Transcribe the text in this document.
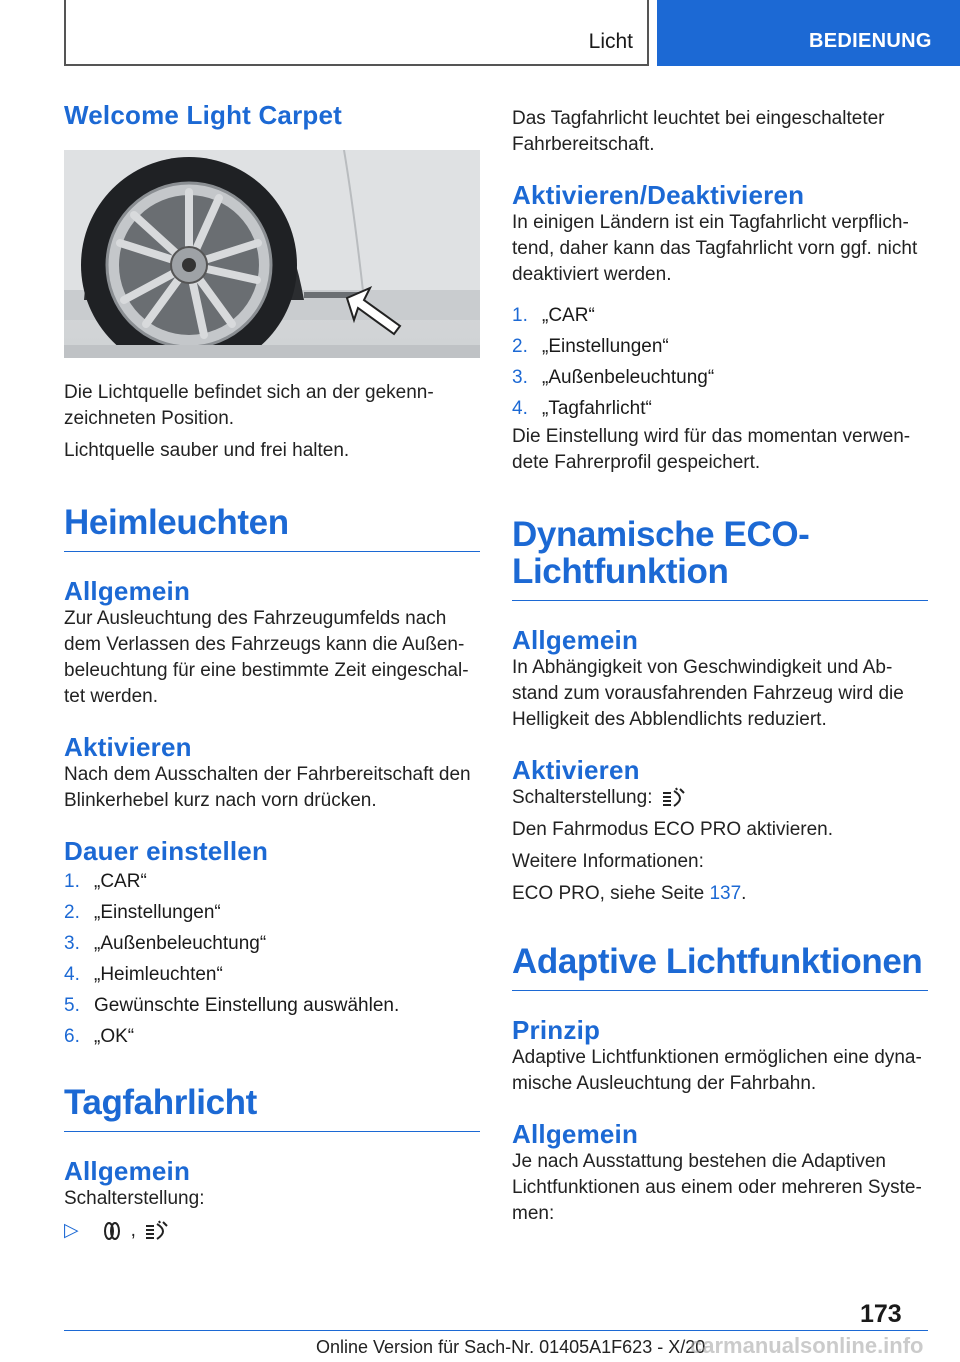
Licht	BEDIENUNG
Welcome Light Carpet

Die Lichtquelle befindet sich an der gekennzeichneten Position.

Lichtquelle sauber und frei halten.

Heimleuchten
Allgemein

Zur Ausleuchtung des Fahrzeugumfelds nach dem Verlassen des Fahrzeugs kann die Außenbeleuchtung für eine bestimmte Zeit eingeschaltet werden.

Aktivieren

Nach dem Ausschalten der Fahrbereitschaft den Blinkerhebel kurz nach vorn drücken.

Dauer einstellen
1. „CAR“
2. „Einstellungen“
3. „Außenbeleuchtung“
4. „Heimleuchten“
5. Gewünschte Einstellung auswählen.
6. „OK“
Tagfahrlicht
Allgemein

Schalterstellung:

▷	,

Das Tagfahrlicht leuchtet bei eingeschalteter Fahrbereitschaft.

Aktivieren/Deaktivieren

In einigen Ländern ist ein Tagfahrlicht verpflichtend, daher kann das Tagfahrlicht vorn ggf. nicht deaktiviert werden.

1. „CAR“
2. „Einstellungen“
3. „Außenbeleuchtung“
4. „Tagfahrlicht“

Die Einstellung wird für das momentan verwendete Fahrerprofil gespeichert.

Dynamische ECO-
Lichtfunktion
Allgemein

In Abhängigkeit von Geschwindigkeit und Abstand zum vorausfahrenden Fahrzeug wird die Helligkeit des Abblendlichts reduziert.

Aktivieren

Schalterstellung:

Den Fahrmodus ECO PRO aktivieren.

Weitere Informationen:

ECO PRO, siehe Seite 137.

Adaptive Lichtfunktionen
Prinzip

Adaptive Lichtfunktionen ermöglichen eine dynamische Ausleuchtung der Fahrbahn.

Allgemein

Je nach Ausstattung bestehen die Adaptiven Lichtfunktionen aus einem oder mehreren Systemen:

173
Online Version für Sach-Nr. 01405A1F623 - X/20
carmanualsonline.info
